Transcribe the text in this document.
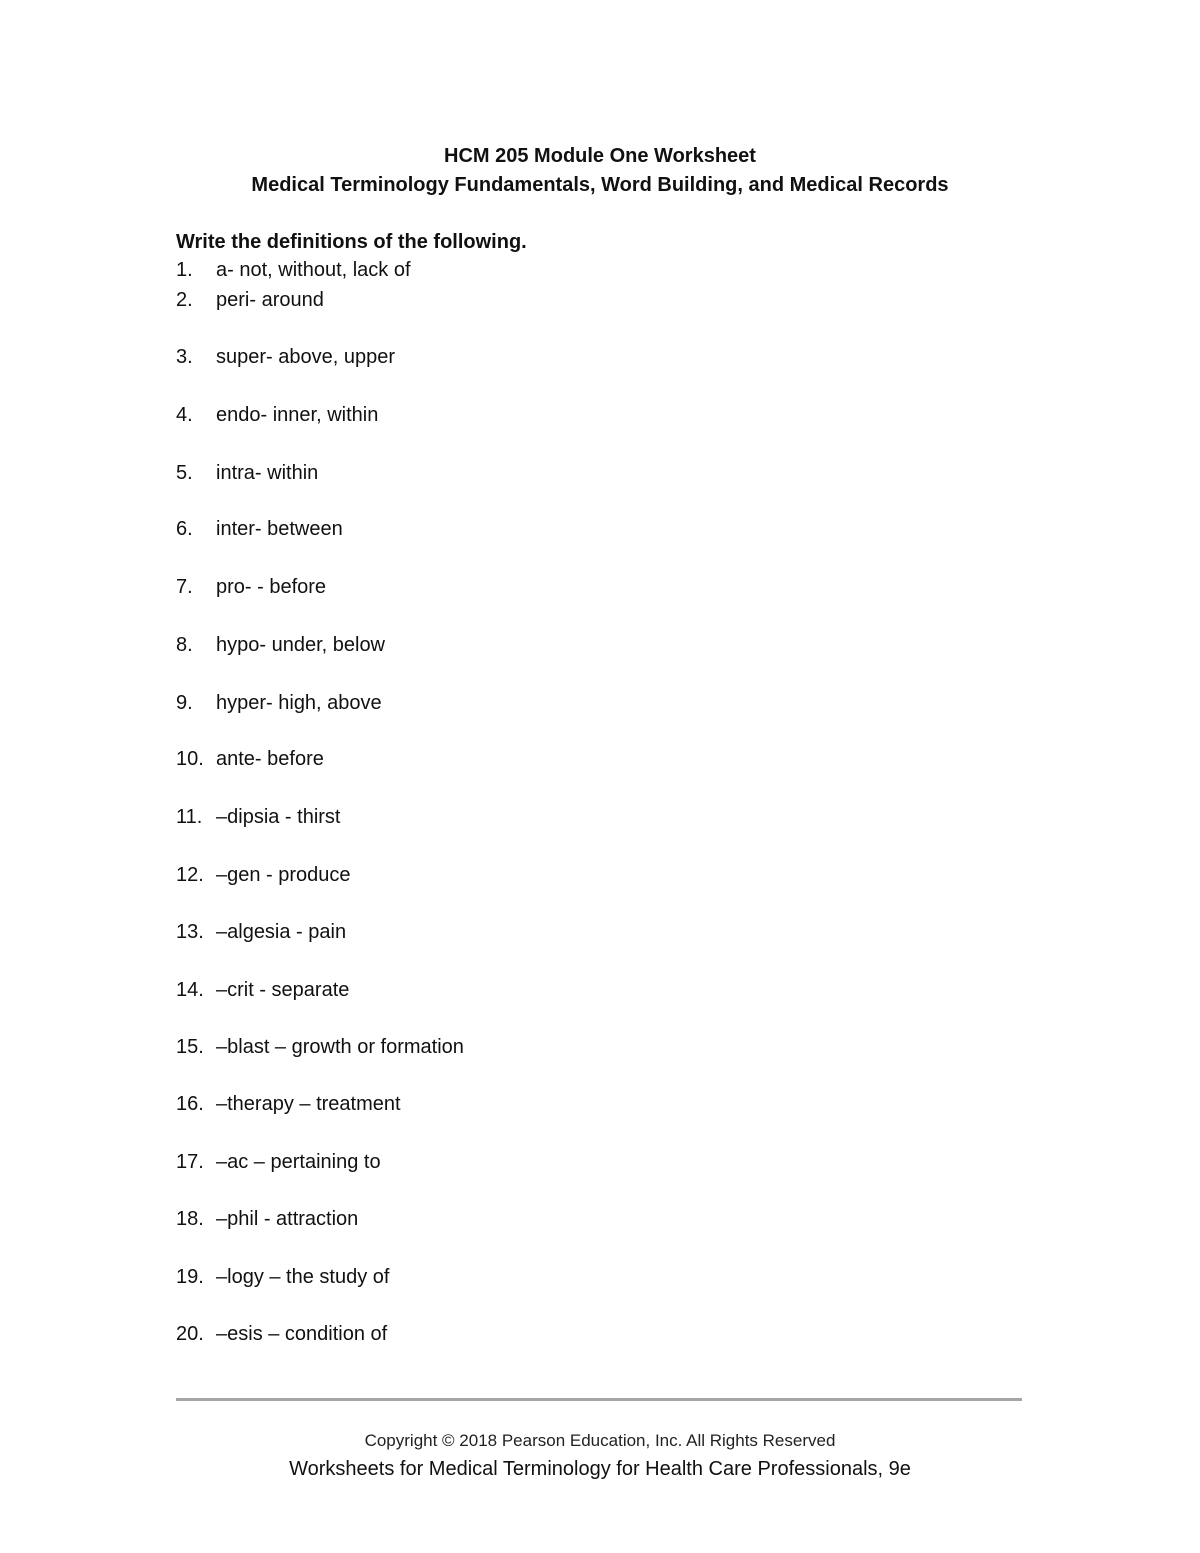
HCM 205 Module One Worksheet
Medical Terminology Fundamentals, Word Building, and Medical Records
Write the definitions of the following.
1. a- not, without, lack of
2. peri- around
3. super- above, upper
4. endo- inner, within
5. intra- within
6. inter- between
7. pro- - before
8. hypo- under, below
9. hyper- high, above
10. ante- before
11. –dipsia - thirst
12. –gen - produce
13. –algesia - pain
14. –crit - separate
15. –blast – growth or formation
16. –therapy – treatment
17. –ac – pertaining to
18. –phil - attraction
19. –logy – the study of
20. –esis – condition of
Copyright © 2018 Pearson Education, Inc. All Rights Reserved
Worksheets for Medical Terminology for Health Care Professionals, 9e
